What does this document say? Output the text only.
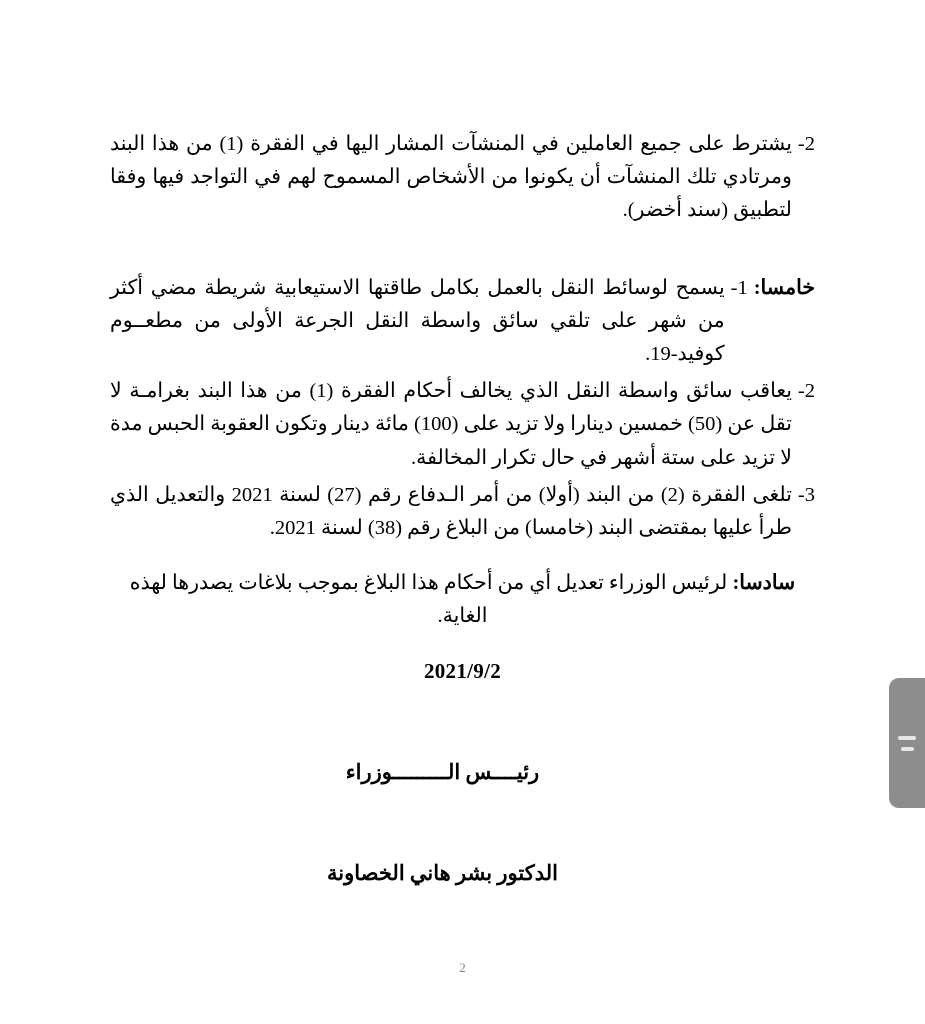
2-
يشترط على جميع العاملين في المنشآت المشار اليها في الفقرة (1) من هذا البند ومرتادي تلك المنشآت أن يكونوا من الأشخاص المسموح لهم في التواجد فيها وفقا لتطبيق (سند أخضر).
خامسا:
1-
يسمح لوسائط النقل بالعمل بكامل طاقتها الاستيعابية شريطة مضي أكثر من شهر على تلقي سائق واسطة النقل الجرعة الأولى من مطعــوم كوفيد-19.
2-
يعاقب سائق واسطة النقل الذي يخالف أحكام الفقرة (1) من هذا البند بغرامـة لا تقل عن (50) خمسين دينارا ولا تزيد على (100) مائة دينار وتكون العقوبة الحبس مدة لا تزيد على ستة أشهر في حال تكرار المخالفة.
3-
تلغى الفقرة (2) من البند (أولا) من أمر الـدفاع رقم (27) لسنة 2021 والتعديل الذي طرأ عليها بمقتضى البند (خامسا) من البلاغ رقم (38) لسنة 2021.
سادسا: لرئيس الوزراء تعديل أي من أحكام هذا البلاغ بموجب بلاغات يصدرها لهذه الغاية.
2021/9/2
رئيــــس الـــــــــوزراء
الدكتور بشر هاني الخصاونة
2
